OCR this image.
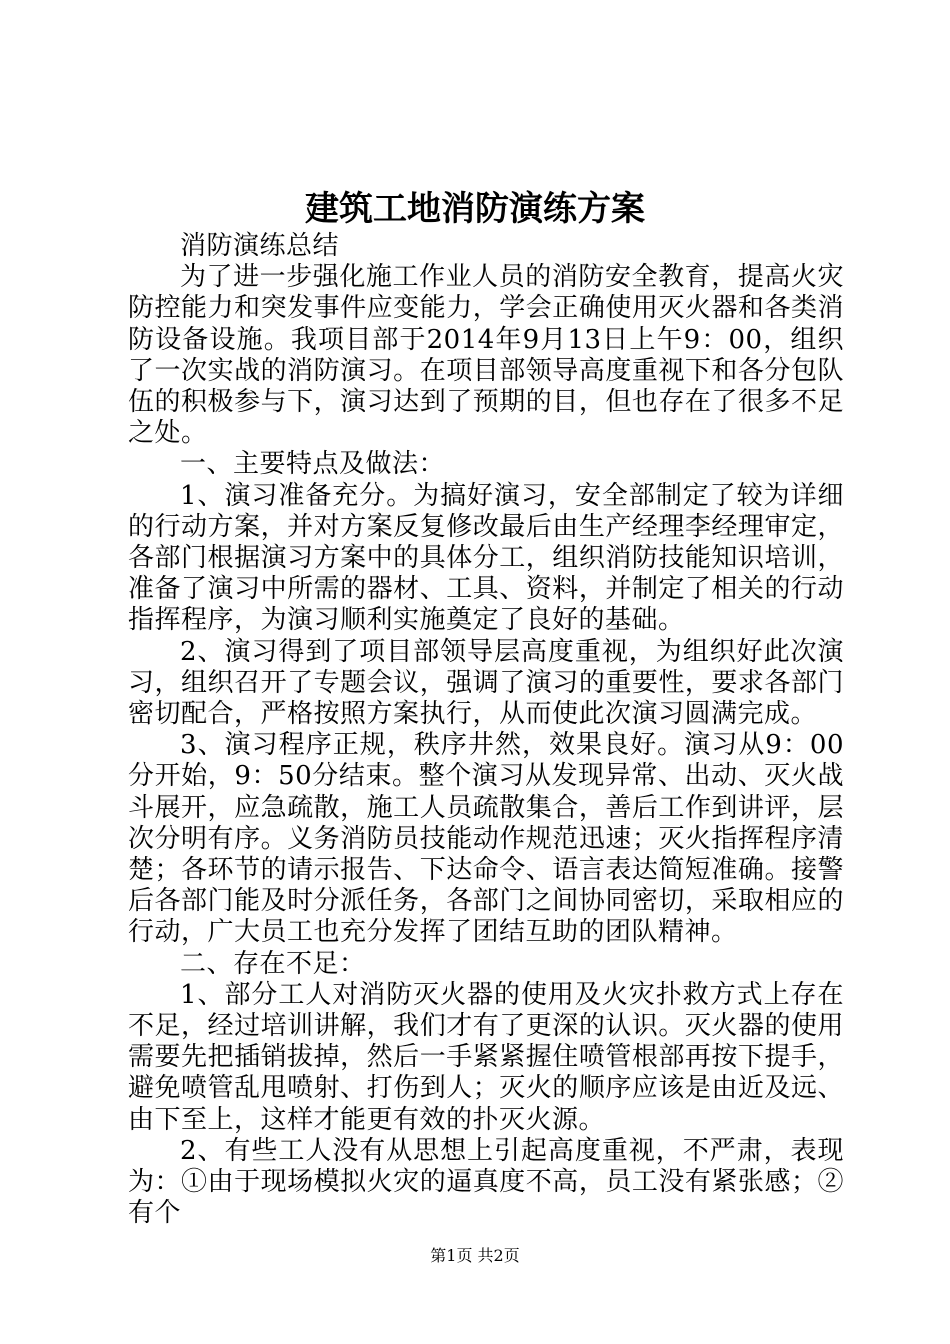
建筑工地消防演练方案

消防演练总结

为了进一步强化施工作业人员的消防安全教育，提高火灾防控能力和突发事件应变能力，学会正确使用灭火器和各类消防设备设施。我项目部于2014年9月13日上午9：00，组织了一次实战的消防演习。在项目部领导高度重视下和各分包队伍的积极参与下，演习达到了预期的目，但也存在了很多不足之处。

一、主要特点及做法：

1、演习准备充分。为搞好演习，安全部制定了较为详细的行动方案，并对方案反复修改最后由生产经理李经理审定，各部门根据演习方案中的具体分工，组织消防技能知识培训，准备了演习中所需的器材、工具、资料，并制定了相关的行动指挥程序，为演习顺利实施奠定了良好的基础。

2、演习得到了项目部领导层高度重视，为组织好此次演习，组织召开了专题会议，强调了演习的重要性，要求各部门密切配合，严格按照方案执行，从而使此次演习圆满完成。

3、演习程序正规，秩序井然，效果良好。演习从9：00分开始，9：50分结束。整个演习从发现异常、出动、灭火战斗展开，应急疏散，施工人员疏散集合，善后工作到讲评，层次分明有序。义务消防员技能动作规范迅速；灭火指挥程序清楚；各环节的请示报告、下达命令、语言表达简短准确。接警后各部门能及时分派任务，各部门之间协同密切，采取相应的行动，广大员工也充分发挥了团结互助的团队精神。

二、存在不足：

1、部分工人对消防灭火器的使用及火灾扑救方式上存在不足，经过培训讲解，我们才有了更深的认识。灭火器的使用需要先把插销拔掉，然后一手紧紧握住喷管根部再按下提手，避免喷管乱甩喷射、打伤到人；灭火的顺序应该是由近及远、由下至上，这样才能更有效的扑灭火源。

2、有些工人没有从思想上引起高度重视，不严肃，表现为：①由于现场模拟火灾的逼真度不高，员工没有紧张感；②有个

第1页 共2页
